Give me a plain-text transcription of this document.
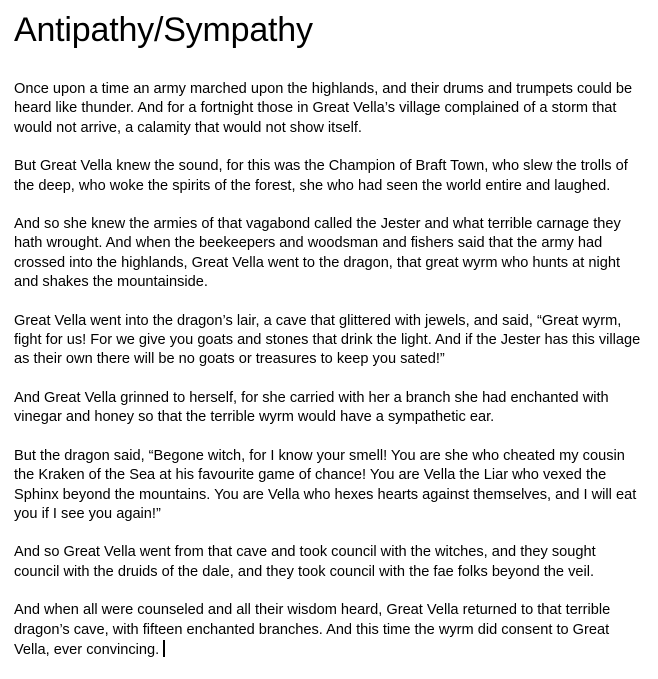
Antipathy/Sympathy

Once upon a time an army marched upon the highlands, and their drums and trumpets could be heard like thunder. And for a fortnight those in Great Vella’s village complained of a storm that would not arrive, a calamity that would not show itself.

But Great Vella knew the sound, for this was the Champion of Braft Town, who slew the trolls of the deep, who woke the spirits of the forest, she who had seen the world entire and laughed.

And so she knew the armies of that vagabond called the Jester and what terrible carnage they hath wrought. And when the beekeepers and woodsman and fishers said that the army had crossed into the highlands, Great Vella went to the dragon, that great wyrm who hunts at night and shakes the mountainside.

Great Vella went into the dragon’s lair, a cave that glittered with jewels, and said, “Great wyrm, fight for us! For we give you goats and stones that drink the light. And if the Jester has this village as their own there will be no goats or treasures to keep you sated!”

And Great Vella grinned to herself, for she carried with her a branch she had enchanted with vinegar and honey so that the terrible wyrm would have a sympathetic ear.

But the dragon said, “Begone witch, for I know your smell! You are she who cheated my cousin the Kraken of the Sea at his favourite game of chance! You are Vella the Liar who vexed the Sphinx beyond the mountains. You are Vella who hexes hearts against themselves, and I will eat you if I see you again!”

And so Great Vella went from that cave and took council with the witches, and they sought council with the druids of the dale, and they took council with the fae folks beyond the veil.

And when all were counseled and all their wisdom heard, Great Vella returned to that terrible dragon’s cave, with fifteen enchanted branches. And this time the wyrm did consent to Great Vella, ever convincing.
